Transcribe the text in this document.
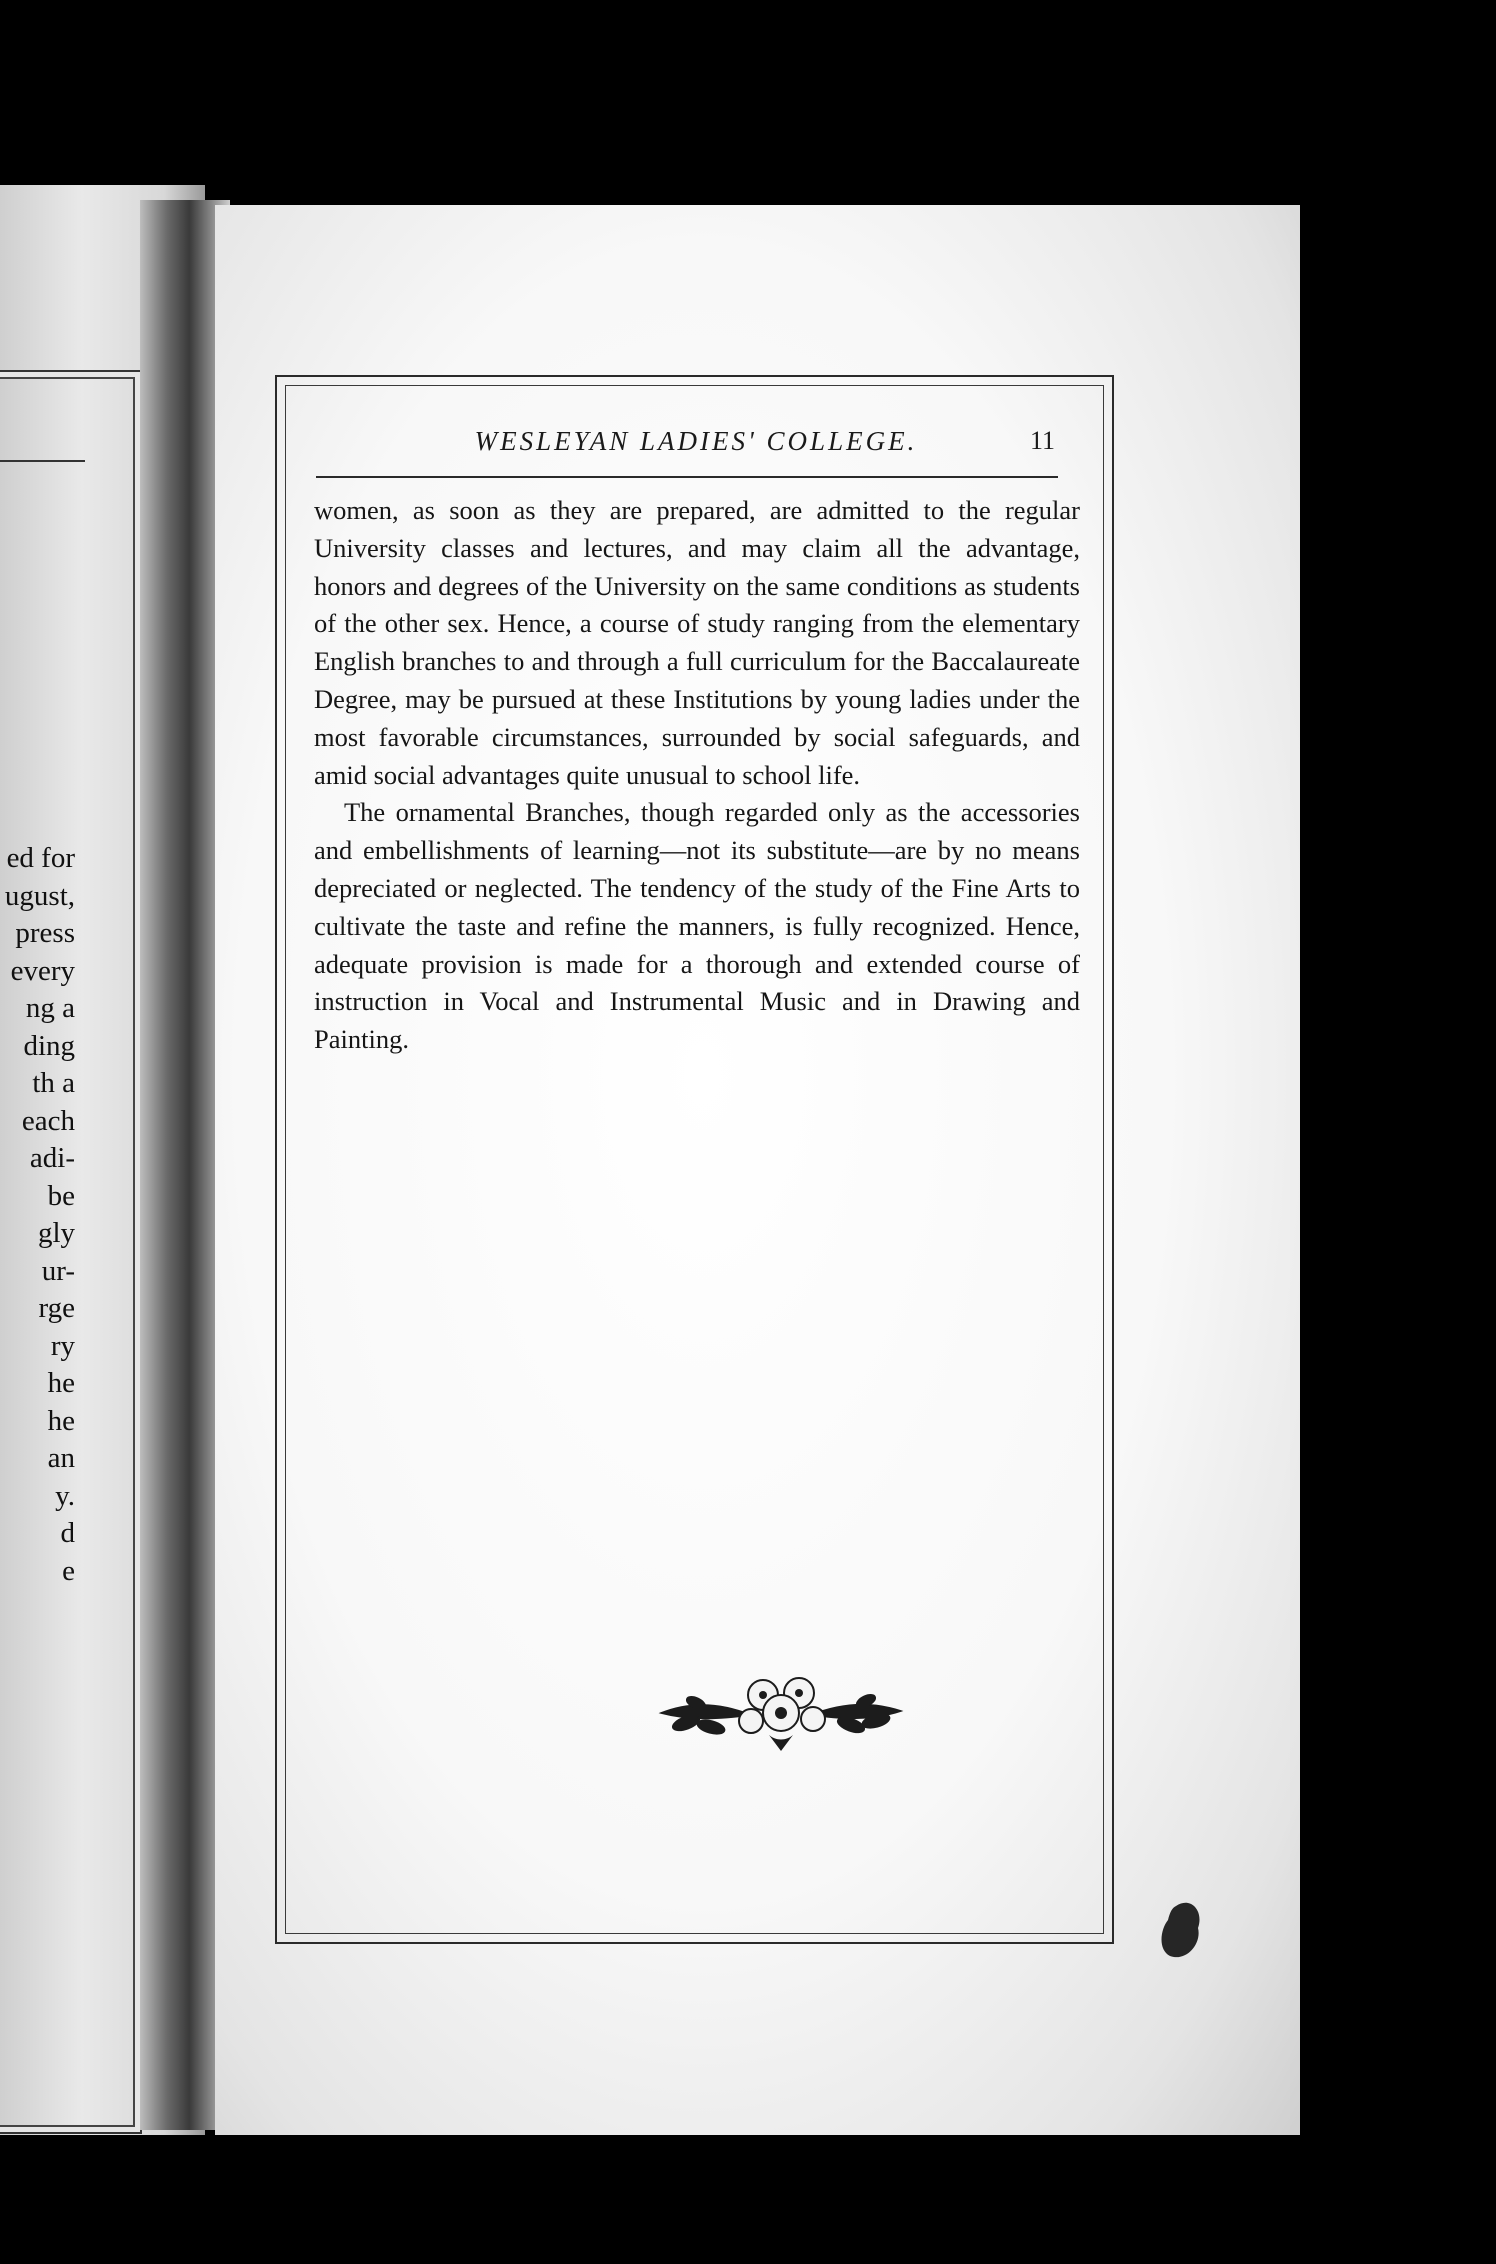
ed for
ugust,
press
every
ng a
ding
th a
each
adi-
be
gly
ur-
rge
ry
he
he
an
y.
d
e
WESLEYAN LADIES' COLLEGE.	11

women, as soon as they are prepared, are admitted to the regular University classes and lectures, and may claim all the advantage, honors and degrees of the University on the same conditions as students of the other sex. Hence, a course of study ranging from the elementary English branches to and through a full curriculum for the Baccalaureate Degree, may be pursued at these Institutions by young ladies under the most favorable circumstances, surrounded by social safeguards, and amid social advantages quite unusual to school life.

The ornamental Branches, though regarded only as the accessories and embellishments of learning—not its substitute—are by no means depreciated or neglected. The tendency of the study of the Fine Arts to cultivate the taste and refine the manners, is fully recognized. Hence, adequate provision is made for a thorough and extended course of instruction in Vocal and Instrumental Music and in Drawing and Painting.
